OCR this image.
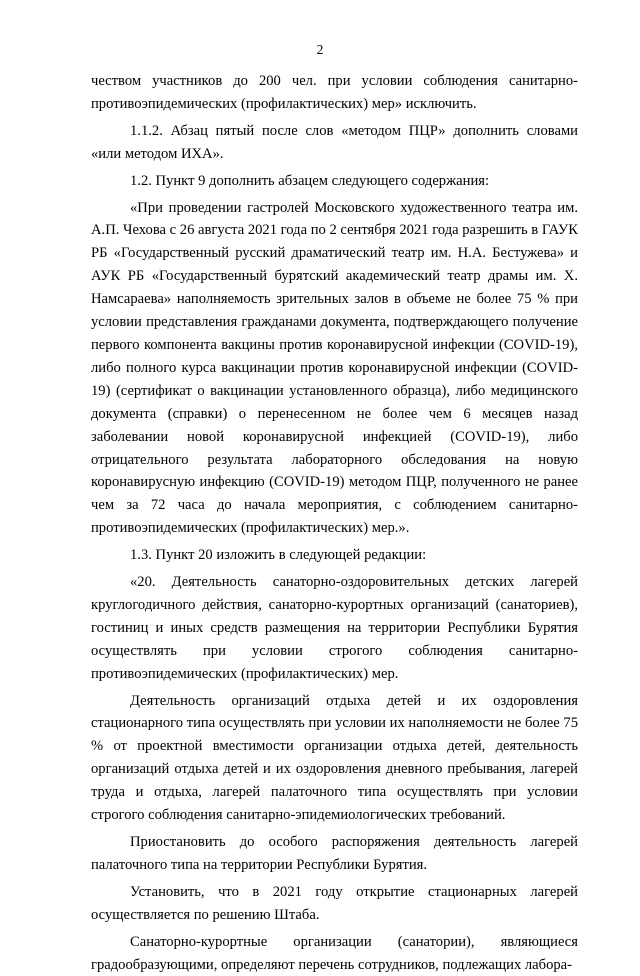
2

чеством участников до 200 чел. при условии соблюдения санитарно-противоэпидемических (профилактических) мер» исключить.

1.1.2. Абзац пятый после слов «методом ПЦР» дополнить словами «или методом ИХА».

1.2. Пункт 9 дополнить абзацем следующего содержания:

«При проведении гастролей Московского художественного театра им. А.П. Чехова с 26 августа 2021 года по 2 сентября 2021 года разрешить в ГАУК РБ «Государственный русский драматический театр им. Н.А. Бестужева» и АУК РБ «Государственный бурятский академический театр драмы им. Х. Намсараева» наполняемость зрительных залов в объеме не более 75 % при условии представления гражданами документа, подтверждающего получение первого компонента вакцины против коронавирусной инфекции (COVID-19), либо полного курса вакцинации против коронавирусной инфекции (COVID-19) (сертификат о вакцинации установленного образца), либо медицинского документа (справки) о перенесенном не более чем 6 месяцев назад заболевании новой коронавирусной инфекцией (COVID-19), либо отрицательного результата лабораторного обследования на новую коронавирусную инфекцию (COVID-19) методом ПЦР, полученного не ранее чем за 72 часа до начала мероприятия, с соблюдением санитарно-противоэпидемических (профилактических) мер.».

1.3. Пункт 20 изложить в следующей редакции:

«20. Деятельность санаторно-оздоровительных детских лагерей круглогодичного действия, санаторно-курортных организаций (санаториев), гостиниц и иных средств размещения на территории Республики Бурятия осуществлять при условии строгого соблюдения санитарно-противоэпидемических (профилактических) мер.

Деятельность организаций отдыха детей и их оздоровления стационарного типа осуществлять при условии их наполняемости не более 75 % от проектной вместимости организации отдыха детей, деятельность организаций отдыха детей и их оздоровления дневного пребывания, лагерей труда и отдыха, лагерей палаточного типа осуществлять при условии строгого соблюдения санитарно-эпидемиологических требований.

Приостановить до особого распоряжения деятельность лагерей палаточного типа на территории Республики Бурятия.

Установить, что в 2021 году открытие стационарных лагерей осуществляется по решению Штаба.

Санаторно-курортные организации (санатории), являющиеся градообразующими, определяют перечень сотрудников, подлежащих лабора-
